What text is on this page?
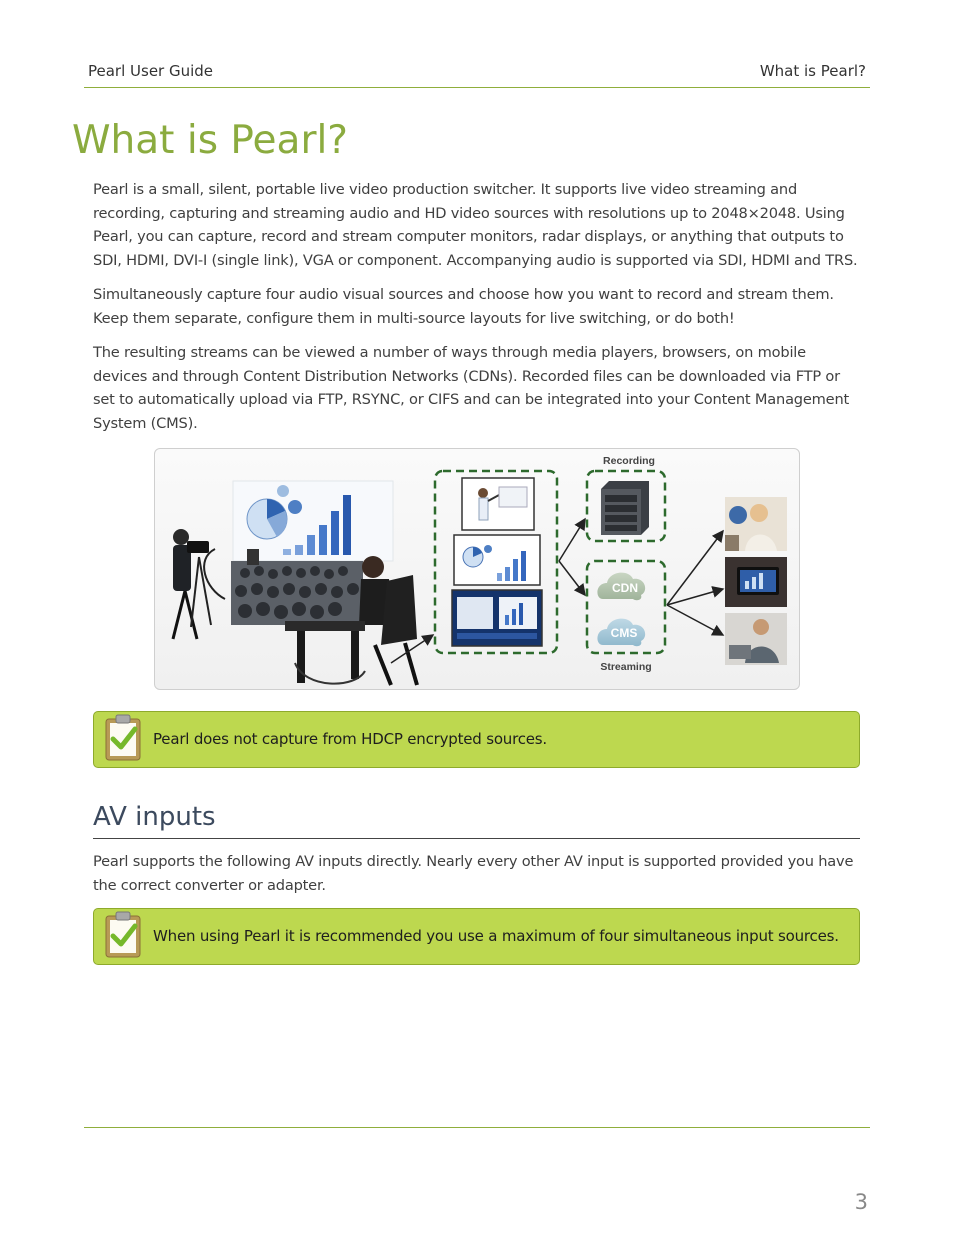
Pearl User Guide	What is Pearl?
What is Pearl?

Pearl is a small, silent, portable live video production switcher. It supports live video streaming and recording, capturing and streaming audio and HD video sources with resolutions up to 2048×2048. Using Pearl, you can capture, record and stream computer monitors, radar displays, or anything that outputs to SDI, HDMI, DVI-I (single link), VGA or component. Accompanying audio is supported via SDI, HDMI and TRS.

Simultaneously capture four audio visual sources and choose how you want to record and stream them. Keep them separate, configure them in multi-source layouts for live switching, or do both!

The resulting streams can be viewed a number of ways through media players, browsers, on mobile devices and through Content Distribution Networks (CDNs). Recorded files can be downloaded via FTP or set to automatically upload via FTP, RSYNC, or CIFS and can be integrated into your Content Management System (CMS).

Recording
CDN
CMS
Streaming
Pearl does not capture from HDCP encrypted sources.
AV inputs

Pearl supports the following AV inputs directly. Nearly every other AV input is supported provided you have the correct converter or adapter.

When using Pearl it is recommended you use a maximum of four simultaneous input sources.
3
